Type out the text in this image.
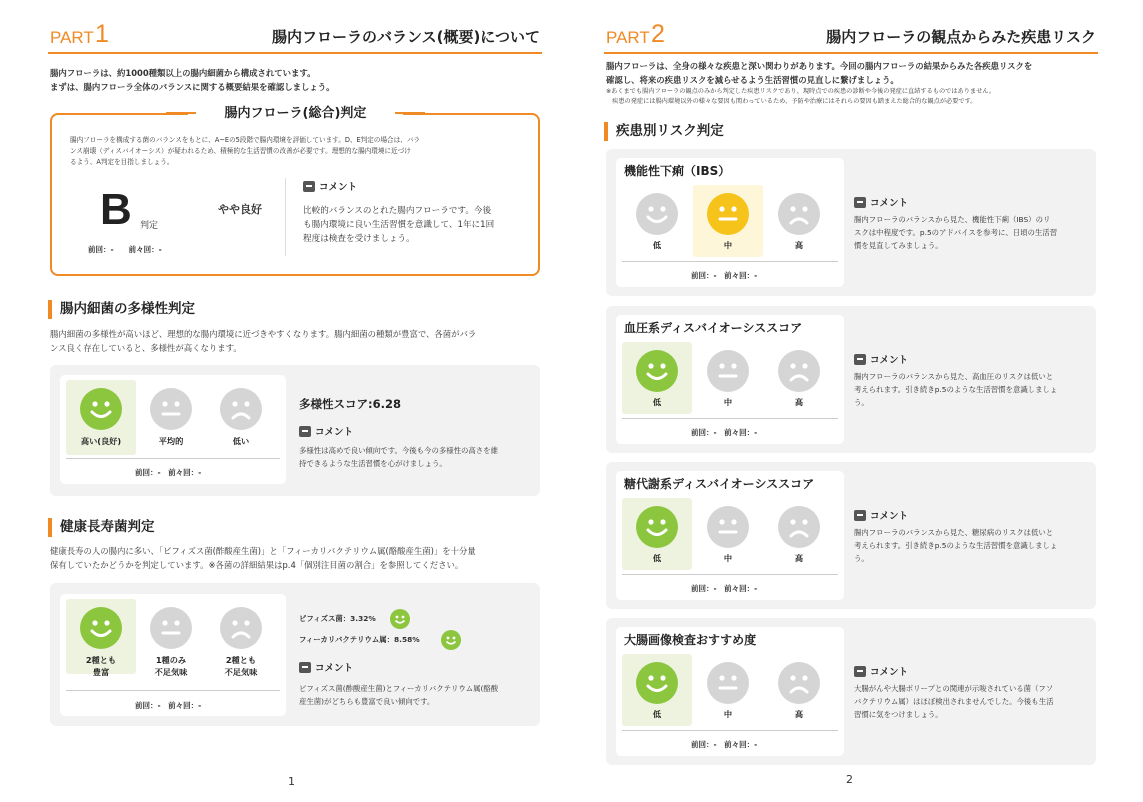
PART 1	腸内フローラのバランス(概要)について
腸内フローラは、約1000種類以上の腸内細菌から構成されています。
まずは、腸内フローラ全体のバランスに関する概要結果を確認しましょう。
腸内フローラ(総合)判定
腸内フローラを構成する菌のバランスをもとに、A~Eの5段階で腸内環境を評価しています。D、E判定の場合は、バラ
ンス崩壊（ディスバイオーシス）が疑われるため、積極的な生活習慣の改善が必要です。理想的な腸内環境に近づけ
るよう、A判定を目指しましょう。
B 判定
やや良好
前回：-　　前々回：-
コメント
比較的バランスのとれた腸内フローラです。今後
も腸内環境に良い生活習慣を意識して、1年に1回
程度は検査を受けましょう。
腸内細菌の多様性判定
腸内細菌の多様性が高いほど、理想的な腸内環境に近づきやすくなります。腸内細菌の種類が豊富で、各菌がバラ
ンス良く存在していると、多様性が高くなります。
高い(良好)	平均的	低い
前回：-　前々回：-
多様性スコア:6.28
コメント
多様性は高めで良い傾向です。今後も今の多様性の高さを維
持できるような生活習慣を心がけましょう。
健康長寿菌判定
健康長寿の人の腸内に多い、「ビフィズス菌(酢酸産生菌)」と「フィーカリバクテリウム属(酪酸産生菌)」を十分量
保有していたかどうかを判定しています。※各菌の詳細結果はp.4「個別注目菌の割合」を参照してください。
2種とも
豊富
1種のみ
不足気味
2種とも
不足気味
前回：-　前々回：-
ビフィズス菌：3.32%
フィーカリバクテリウム属：8.58%
コメント
ビフィズス菌(酢酸産生菌)とフィーカリバクテリウム属(酪酸
産生菌)がどちらも豊富で良い傾向です。
1
PART 2	腸内フローラの観点からみた疾患リスク
腸内フローラは、全身の様々な疾患と深い関わりがあります。今回の腸内フローラの結果からみた各疾患リスクを
確認し、将来の疾患リスクを減らせるよう生活習慣の見直しに繋げましょう。
※あくまでも腸内フローラの観点のみから判定した疾患リスクであり、現時点での疾患の診断や今後の発症に直結するものではありません。
　疾患の発症には腸内環境以外の様々な要因も関わっているため、予防や治療にはそれらの要因も踏まえた総合的な観点が必要です。
疾患別リスク判定
機能性下痢（IBS）
低	中	高
前回：-　前々回：-
コメント
腸内フローラのバランスから見た、機能性下痢（IBS）のリ
スクは中程度です。p.5のアドバイスを参考に、日頃の生活習
慣を見直してみましょう。
血圧系ディスバイオーシススコア
低	中	高
前回：-　前々回：-
コメント
腸内フローラのバランスから見た、高血圧のリスクは低いと
考えられます。引き続きp.5のような生活習慣を意識しましょ
う。
糖代謝系ディスバイオーシススコア
低	中	高
前回：-　前々回：-
コメント
腸内フローラのバランスから見た、糖尿病のリスクは低いと
考えられます。引き続きp.5のような生活習慣を意識しましょ
う。
大腸画像検査おすすめ度
低	中	高
前回：-　前々回：-
コメント
大腸がんや大腸ポリープとの関連が示唆されている菌（フソ
バクテリウム属）はほぼ検出されませんでした。今後も生活
習慣に気をつけましょう。
2
